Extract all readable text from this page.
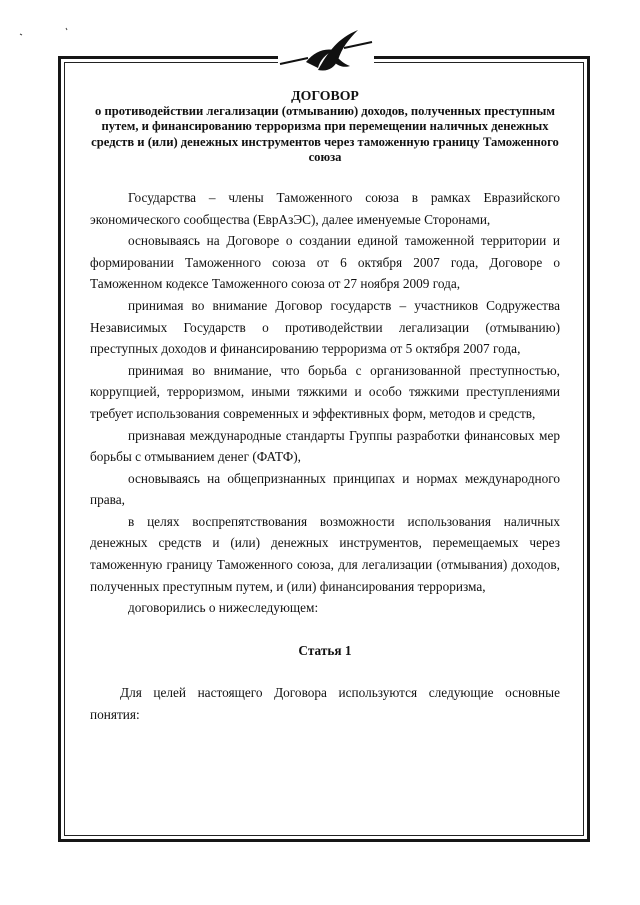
ДОГОВОР

о противодействии легализации (отмыванию) доходов, полученных преступным путем, и финансированию терроризма при перемещении наличных денежных средств и (или) денежных инструментов через таможенную границу Таможенного союза

Государства – члены Таможенного союза в рамках Евразийского экономического сообщества (ЕврАзЭС), далее именуемые Сторонами,

основываясь на Договоре о создании единой таможенной территории и формировании Таможенного союза от 6 октября 2007 года, Договоре о Таможенном кодексе Таможенного союза от 27 ноября 2009 года,

принимая во внимание Договор государств – участников Содружества Независимых Государств о противодействии легализации (отмыванию) преступных доходов и финансированию терроризма от 5 октября 2007 года,

принимая во внимание, что борьба с организованной преступностью, коррупцией, терроризмом, иными тяжкими и особо тяжкими преступлениями требует использования современных и эффективных форм, методов и средств,

признавая международные стандарты Группы разработки финансовых мер борьбы с отмыванием денег (ФАТФ),

основываясь на общепризнанных принципах и нормах международного права,

в целях воспрепятствования возможности использования наличных денежных средств и (или) денежных инструментов, перемещаемых через таможенную границу Таможенного союза, для легализации (отмывания) доходов, полученных преступным путем, и (или) финансирования терроризма,

договорились о нижеследующем:

Статья 1

Для целей настоящего Договора используются следующие основные понятия:
